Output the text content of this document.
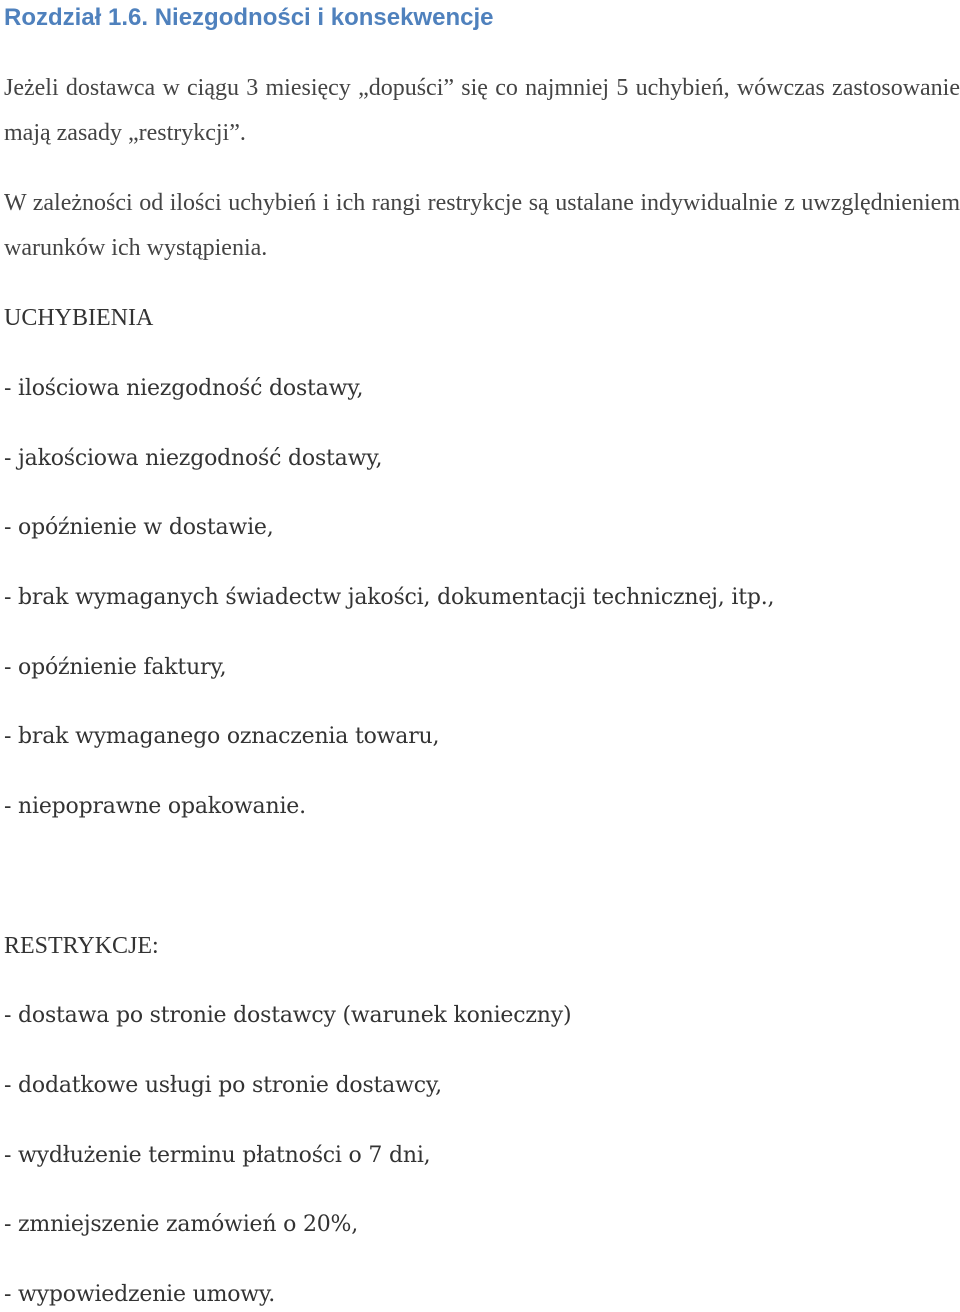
Rozdział 1.6. Niezgodności i konsekwencje

Jeżeli dostawca w ciągu 3 miesięcy „dopuści” się co najmniej 5 uchybień, wówczas zastosowanie mają zasady „restrykcji”.

W zależności od ilości uchybień i ich rangi restrykcje są ustalane indywidualnie z uwzględnieniem warunków ich wystąpienia.

UCHYBIENIA

- ilościowa niezgodność dostawy,

- jakościowa niezgodność dostawy,

- opóźnienie w dostawie,

- brak wymaganych świadectw jakości, dokumentacji technicznej, itp.,

- opóźnienie faktury,

- brak wymaganego oznaczenia towaru,

- niepoprawne opakowanie.

RESTRYKCJE:

- dostawa po stronie dostawcy (warunek konieczny)

- dodatkowe usługi po stronie dostawcy,

- wydłużenie terminu płatności o 7 dni,

- zmniejszenie zamówień o 20%,

- wypowiedzenie umowy.
